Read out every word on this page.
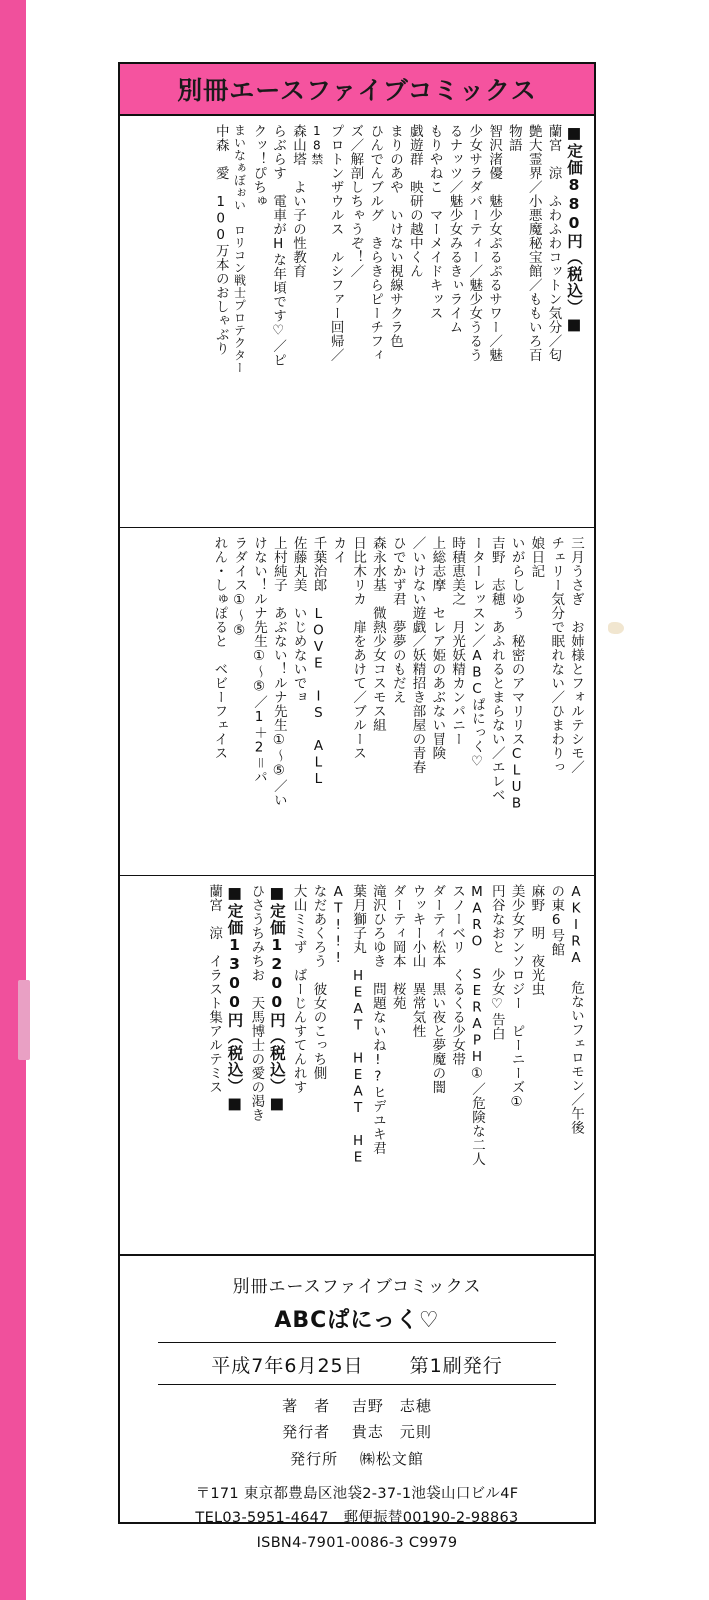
別冊エースファイブコミックス
■定価880円（税込）■
蘭宮　涼　ふわふわコットン気分／匂
艶大霊界／小悪魔秘宝館／ももいろ百
物語
智沢渚優　魅少女ぷるぷるサワー／魅
少女サラダパーティー／魅少女うるう
るナッツ／魅少女みるきぃライム
もりやねこ　マーメイドキッス
戯遊群　映研の越中くん
まりのあや　いけない視線サクラ色
ひんでんブルグ　きらきらピーチフィ
ズ／解剖しちゃうぞ！／
プロトンザウルス　ルシファー回帰／
18禁
森山塔　よい子の性教育
らぶらす　電車がHな年頃です♡／ピ
クッ！ぴちゅ
まいなぁぼぉい　ロリコン戦士プロテクター
中森　愛　100万本のおしゃぶり
三月うさぎ　お姉様とフォルテシモ／
チェリー気分で眠れない／ひまわりっ
娘日記
いがらしゆう　秘密のアマリリスCLUB
吉野　志穂　あふれるとまらない／エレベ
ーターレッスン／ABCぱにっく♡
時積恵美之　月光妖精カンパニー
上総志摩　セレア姫のあぶない冒険
／いけない遊戯／妖精招き部屋の青春
ひでかず君　夢夢のもだえ
森永水基　微熱少女コスモス組
日比木リカ　扉をあけて／ブルース
カイ
千葉治郎　LOVE IS ALL
佐藤丸美　いじめないでョ
上村純子　あぶない！ルナ先生①〜⑤／い
けない！ルナ先生①〜⑤／1＋2＝パ
ラダイス①〜⑤
れん・しゅぽると　ベビーフェイス
AKIRA　危ないフェロモン／午後
の東6号館
麻野　明　夜光虫
美少女アンソロジー　ピーニーズ①
円谷なおと　少女♡告白
MARO SERAPH①／危険な二人
スノーベリ　くるくる少女帯
ダーティ松本　黒い夜と夢魔の闇
ウッキー小山　異常気性
ダーティ岡本　桜苑
滝沢ひろゆき　問題ないね!?ヒデユキ君
葉月獅子丸　HEAT HEAT HE
AT!!!
なだあくろう　彼女のこっち側
大山ミミず　ばーじんすてんれす
■定価1200円（税込）■
ひさうちみちお　天馬博士の愛の渇き
■定価1300円（税込）■
蘭宮　涼　イラスト集アルテミス
別冊エースファイブコミックス
ABCぱにっく♡
平成7年6月25日 第1刷発行
著　者 吉野　志穂
発行者 貴志　元則
発行所 ㈱松文館
〒171 東京都豊島区池袋2-37-1池袋山口ビル4F
TEL03-5951-4647　郵便振替00190-2-98863
ISBN4-7901-0086-3 C9979
